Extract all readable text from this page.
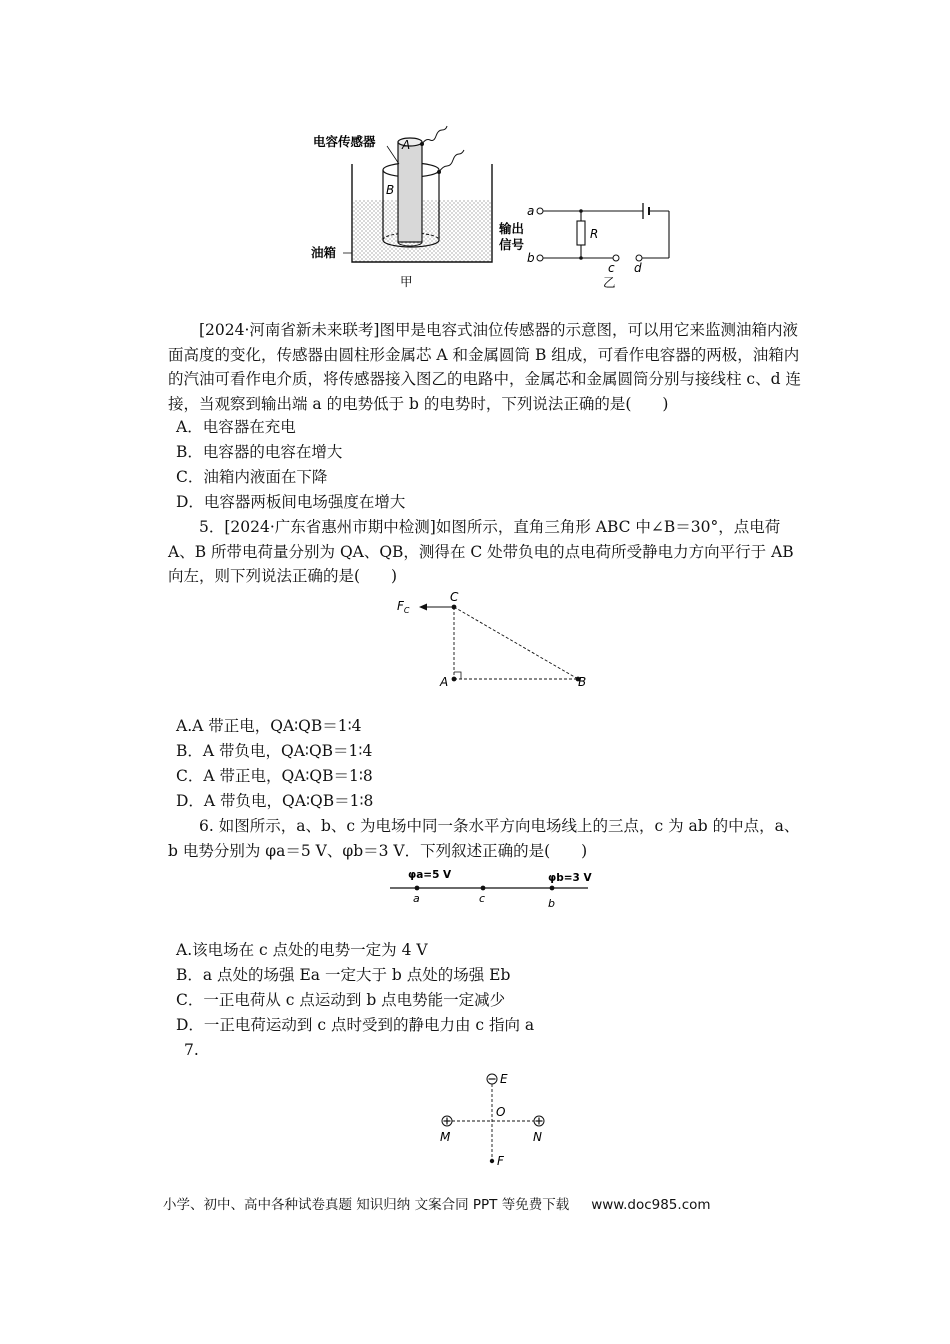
电容传感器 A
B
油箱
甲
a
b
R
c d
输出
信号
乙

[2024·河南省新未来联考]图甲是电容式油位传感器的示意图，可以用它来监测油箱内液面高度的变化，传感器由圆柱形金属芯 A 和金属圆筒 B 组成，可看作电容器的两极，油箱内的汽油可看作电介质，将传感器接入图乙的电路中，金属芯和金属圆筒分别与接线柱 c、d 连接，当观察到输出端 a 的电势低于 b 的电势时，下列说法正确的是(　　)

A．电容器在充电

B．电容器的电容在增大

C．油箱内液面在下降

D．电容器两板间电场强度在增大

5．[2024·广东省惠州市期中检测]如图所示，直角三角形 ABC 中∠B＝30°，点电荷 A、B 所带电荷量分别为 QA、QB，测得在 C 处带负电的点电荷所受静电力方向平行于 AB 向左，则下列说法正确的是(　　)

$F_C$
C
A	B

A.A 带正电，QA∶QB＝1∶4

B．A 带负电，QA∶QB＝1∶4

C．A 带正电，QA∶QB＝1∶8

D．A 带负电，QA∶QB＝1∶8

6. 如图所示，a、b、c 为电场中同一条水平方向电场线上的三点，c 为 ab 的中点，a、b 电势分别为 φa＝5 V、φb＝3 V．下列叙述正确的是(　　)

φa=5 V	φb=3 V
a	c	b

A.该电场在 c 点处的电势一定为 4 V

B．a 点处的场强 Ea 一定大于 b 点处的场强 Eb

C．一正电荷从 c 点运动到 b 点电势能一定减少

D．一正电荷运动到 c 点时受到的静电力由 c 指向 a

7.

E
O
M	N
F
小学、初中、高中各种试卷真题 知识归纳 文案合同 PPT 等免费下载 www.doc985.com
